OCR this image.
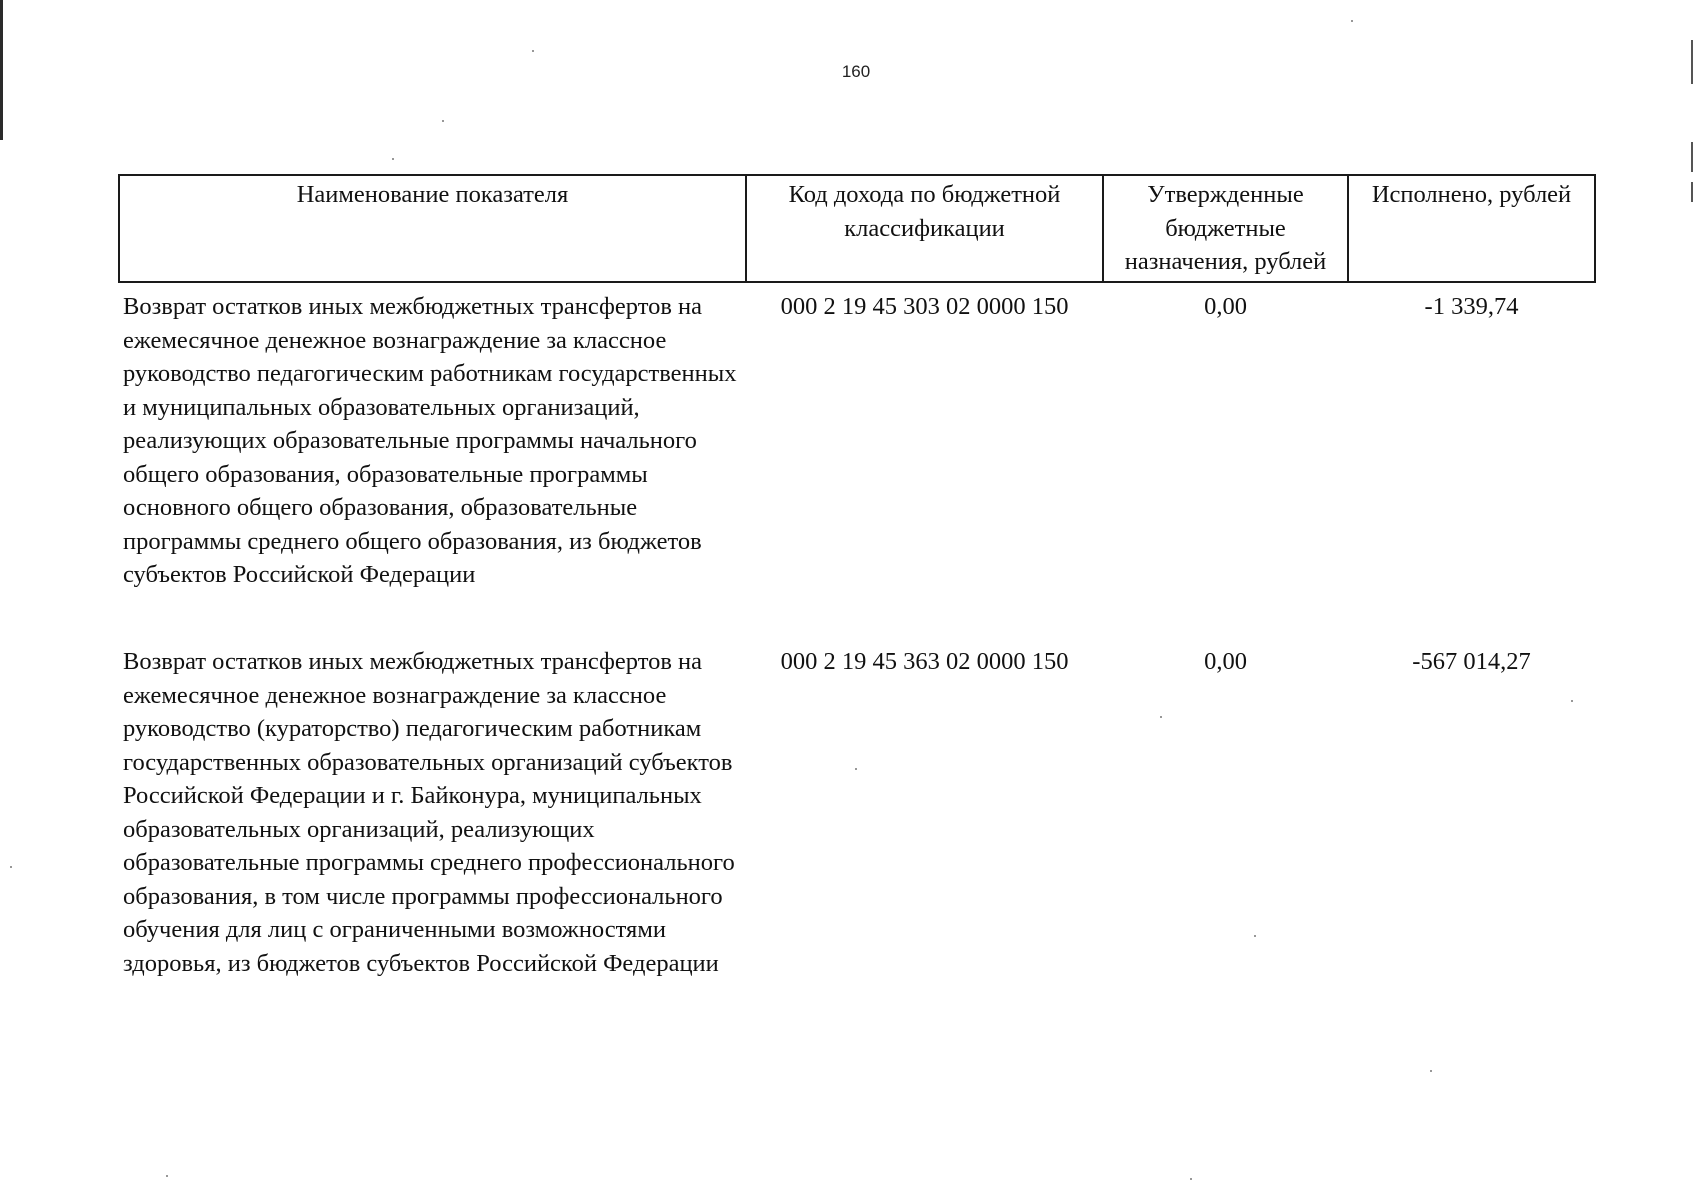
160
Наименование показателя	Код дохода по бюджетной классификации	Утвержденные бюджетные назначения, рублей	Исполнено, рублей
Возврат остатков иных межбюджетных трансфертов на ежемесячное денежное вознаграждение за классное руководство педагогическим работникам государственных и муниципальных образовательных организаций, реализующих образовательные программы начального общего образования, образовательные программы основного общего образования, образовательные программы среднего общего образования, из бюджетов субъектов Российской Федерации	000 2 19 45 303 02 0000 150	0,00	-1 339,74
Возврат остатков иных межбюджетных трансфертов на ежемесячное денежное вознаграждение за классное руководство (кураторство) педагогическим работникам государственных образовательных организаций субъектов Российской Федерации и г. Байконура, муниципальных образовательных организаций, реализующих образовательные программы среднего профессионального образования, в том числе программы профессионального обучения для лиц с ограниченными возможностями здоровья, из бюджетов субъектов Российской Федерации	000 2 19 45 363 02 0000 150	0,00	-567 014,27
